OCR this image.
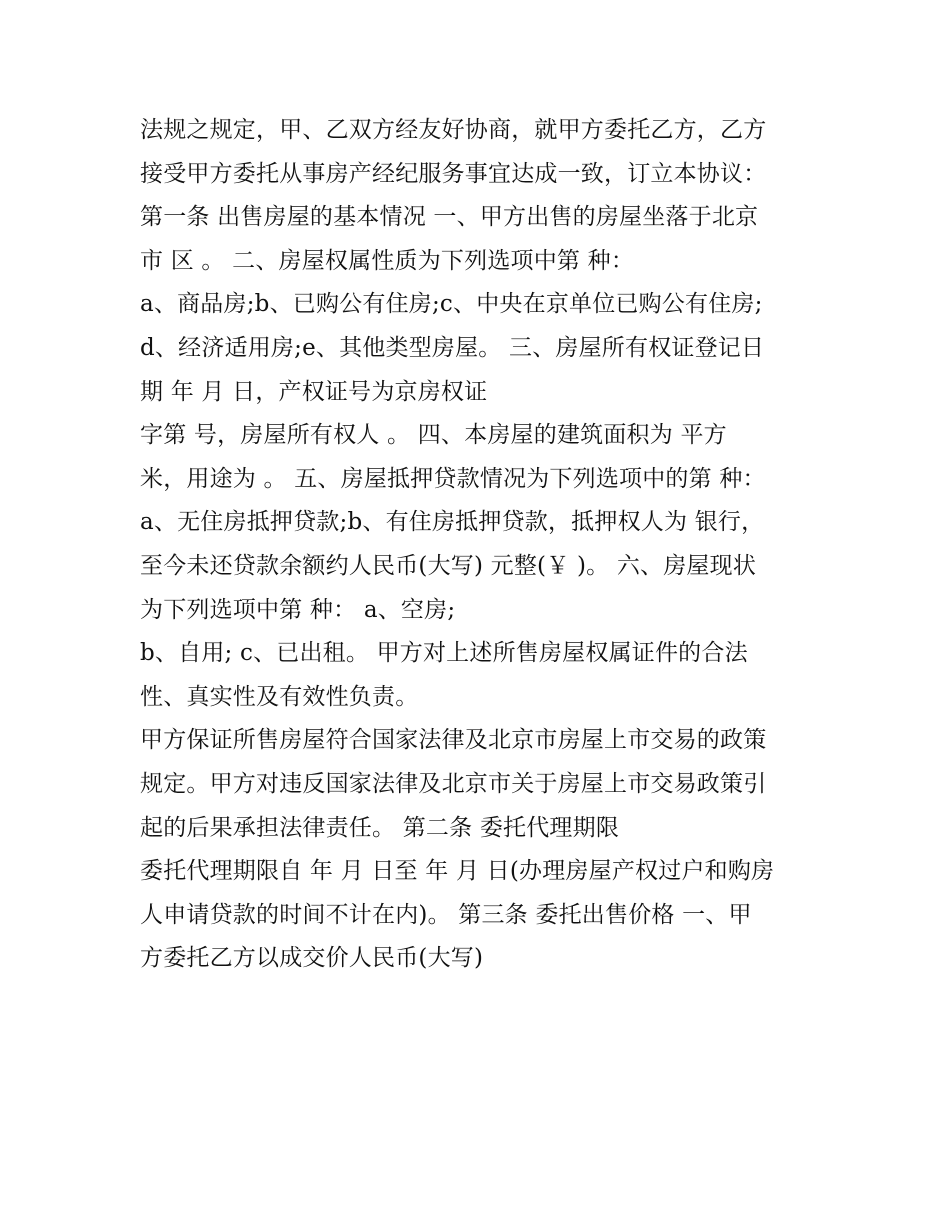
法规之规定，甲、乙双方经友好协商，就甲方委托乙方，乙方
接受甲方委托从事房产经纪服务事宜达成一致，订立本协议：
第一条 出售房屋的基本情况 一、甲方出售的房屋坐落于北京
市 区 。 二、房屋权属性质为下列选项中第 种：
a、商品房;b、已购公有住房;c、中央在京单位已购公有住房;
d、经济适用房;e、其他类型房屋。 三、房屋所有权证登记日
期 年 月 日，产权证号为京房权证
字第 号，房屋所有权人 。 四、本房屋的建筑面积为 平方
米，用途为 。 五、房屋抵押贷款情况为下列选项中的第 种：
a、无住房抵押贷款;b、有住房抵押贷款，抵押权人为 银行，
至今未还贷款余额约人民币(大写) 元整(￥ )。 六、房屋现状
为下列选项中第 种： a、空房;
b、自用; c、已出租。 甲方对上述所售房屋权属证件的合法
性、真实性及有效性负责。
甲方保证所售房屋符合国家法律及北京市房屋上市交易的政策
规定。甲方对违反国家法律及北京市关于房屋上市交易政策引
起的后果承担法律责任。 第二条 委托代理期限
委托代理期限自 年 月 日至 年 月 日(办理房屋产权过户和购房
人申请贷款的时间不计在内)。 第三条 委托出售价格 一、甲
方委托乙方以成交价人民币(大写)
